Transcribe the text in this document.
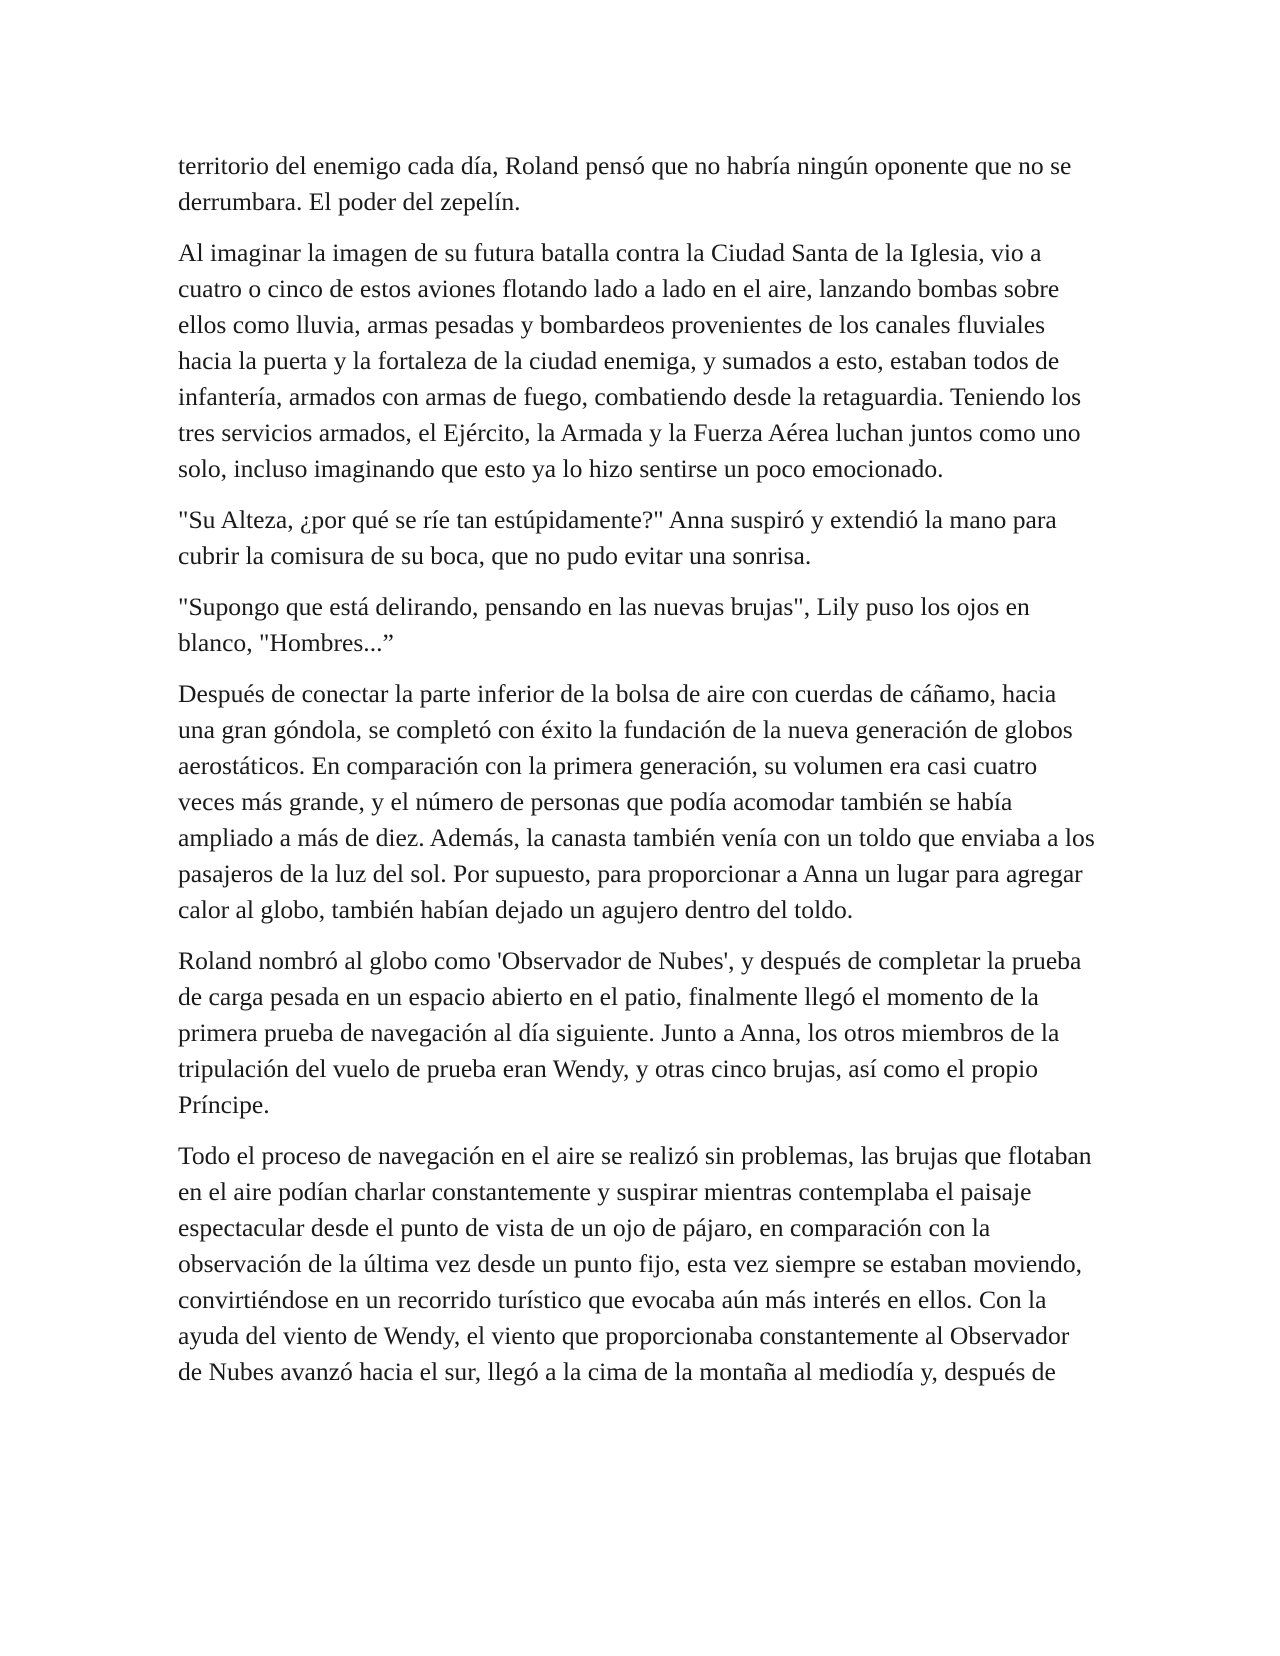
territorio del enemigo cada día, Roland pensó que no habría ningún oponente que no se derrumbara. El poder del zepelín.

Al imaginar la imagen de su futura batalla contra la Ciudad Santa de la Iglesia, vio a cuatro o cinco de estos aviones flotando lado a lado en el aire, lanzando bombas sobre ellos como lluvia, armas pesadas y bombardeos provenientes de los canales fluviales hacia la puerta y la fortaleza de la ciudad enemiga, y sumados a esto, estaban todos de infantería, armados con armas de fuego, combatiendo desde la retaguardia. Teniendo los tres servicios armados, el Ejército, la Armada y la Fuerza Aérea luchan juntos como uno solo, incluso imaginando que esto ya lo hizo sentirse un poco emocionado.

"Su Alteza, ¿por qué se ríe tan estúpidamente?" Anna suspiró y extendió la mano para cubrir la comisura de su boca, que no pudo evitar una sonrisa.

"Supongo que está delirando, pensando en las nuevas brujas", Lily puso los ojos en blanco, "Hombres...”

Después de conectar la parte inferior de la bolsa de aire con cuerdas de cáñamo, hacia una gran góndola, se completó con éxito la fundación de la nueva generación de globos aerostáticos. En comparación con la primera generación, su volumen era casi cuatro veces más grande, y el número de personas que podía acomodar también se había ampliado a más de diez. Además, la canasta también venía con un toldo que enviaba a los pasajeros de la luz del sol. Por supuesto, para proporcionar a Anna un lugar para agregar calor al globo, también habían dejado un agujero dentro del toldo.

Roland nombró al globo como 'Observador de Nubes', y después de completar la prueba de carga pesada en un espacio abierto en el patio, finalmente llegó el momento de la primera prueba de navegación al día siguiente. Junto a Anna, los otros miembros de la tripulación del vuelo de prueba eran Wendy, y otras cinco brujas, así como el propio Príncipe.

Todo el proceso de navegación en el aire se realizó sin problemas, las brujas que flotaban en el aire podían charlar constantemente y suspirar mientras contemplaba el paisaje espectacular desde el punto de vista de un ojo de pájaro, en comparación con la observación de la última vez desde un punto fijo, esta vez siempre se estaban moviendo, convirtiéndose en un recorrido turístico que evocaba aún más interés en ellos. Con la ayuda del viento de Wendy, el viento que proporcionaba constantemente al Observador de Nubes avanzó hacia el sur, llegó a la cima de la montaña al mediodía y, después de
